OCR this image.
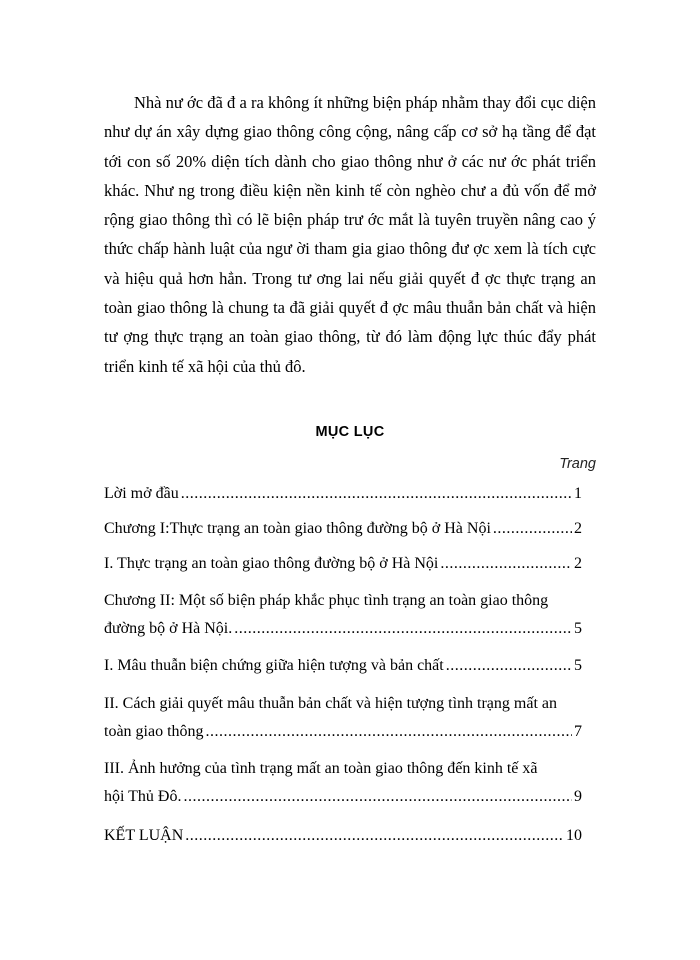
Nhà nư ớc đã đ a ra không ít những biện pháp nhằm thay đổi cục diện như dự án xây dựng giao thông công cộng, nâng cấp cơ sở hạ tầng để đạt tới con số 20% diện tích dành cho giao thông như ở các nư ớc phát triển khác. Như ng trong điều kiện nền kinh tế còn nghèo chư a đủ vốn để mở rộng giao thông thì có lẽ biện pháp trư ớc mắt là tuyên truyền nâng cao ý thức chấp hành luật của ngư ời tham gia giao thông đư ợc xem là tích cực và hiệu quả hơn hẳn. Trong tư ơng lai nếu giải quyết đ ợc thực trạng an toàn giao thông là chung ta đã giải quyết đ ợc mâu thuẫn bản chất và hiện tư ợng thực trạng an toàn giao thông, từ đó làm động lực thúc đẩy phát triển kinh tế xã hội của thủ đô.

MỤC LỤC
Trang
Lời mở đầu .....	1
Chương I:Thực trạng an toàn giao thông đường bộ ở Hà Nội .....	2
I. Thực trạng an toàn giao thông đường bộ ở Hà Nội .....	2
Chương II: Một số biện pháp khắc phục tình trạng an toàn giao thông
đường bộ ở Hà Nội. .....	5
I. Mâu thuẫn biện chứng giữa hiện tượng và bản chất .....	5
II. Cách giải quyết mâu thuẫn bản chất và hiện tượng tình trạng mất an
toàn giao thông .....	7
III. Ảnh hưởng của tình trạng mất an toàn giao thông đến kinh tế xã
hội Thủ Đô. .....	9
KẾT LUẬN .....	10
